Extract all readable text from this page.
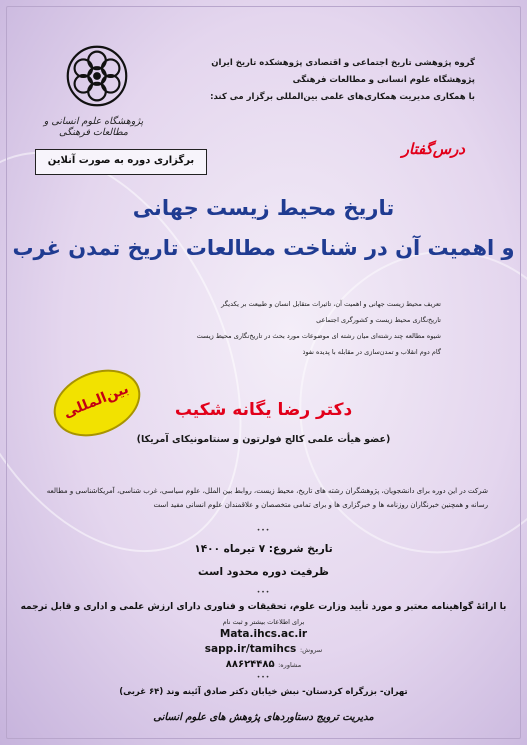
گروه پژوهشی تاریخ اجتماعی و اقتصادی پژوهشکده تاریخ ایران
پژوهشگاه علوم انسانی و مطالعات فرهنگی
با همکاری مدیریت همکاری‌های علمی بین‌المللی برگزار می کند:
پژوهشگاه علوم انسانی و مطالعات فرهنگی
درس‌گفتار
برگزاری دوره به صورت آنلاین
تاریخ محیط زیست جهانی
و اهمیت آن در شناخت مطالعات تاریخ تمدن غرب
تعریف محیط زیست جهانی و اهمیت آن، تاثیرات متقابل انسان و طبیعت بر یکدیگر
تاریخ‌نگاری محیط زیست و کشورگری اجتماعی
شیوه مطالعه چند رشته‌ای میان رشته ای موضوعات مورد بحث در تاریخ‌نگاری محیط زیست
گام دوم انقلاب و تمدن‌سازی در مقابله با پدیده نفوذ
بین‌المللی	دکتر رضا یگانه شکیب
(عضو هیأت علمی کالج فولرتون و سنتامونیکای آمریکا)
شرکت در این دوره برای دانشجویان، پژوهشگران رشته های تاریخ، محیط زیست، روابط بین الملل، علوم سیاسی، غرب شناسی، آمریکاشناسی و مطالعه رسانه و همچنین خبرنگاران روزنامه ها و خبرگزاری ها و برای تمامی متخصصان و علاقمندان علوم انسانی مفید است
•••
تاریخ شروع: ۷ تیرماه ۱۴۰۰
ظرفیت دوره محدود است
•••
با ارائهٔ گواهینامه معتبر و مورد تأیید وزارت علوم، تحقیقات و فناوری دارای ارزش علمی و اداری و قابل ترجمه
برای اطلاعات بیشتر و ثبت نام
Mata.ihcs.ac.ir
sapp.ir/tamihcs سروش:
مشاوره: ۸۸۶۲۴۴۸۵
•••
تهران- بزرگراه کردستان- نبش خیابان دکتر صادق آئینه وند (۶۴ غربی)
مدیریت ترویج دستاوردهای پژوهش های علوم انسانی
